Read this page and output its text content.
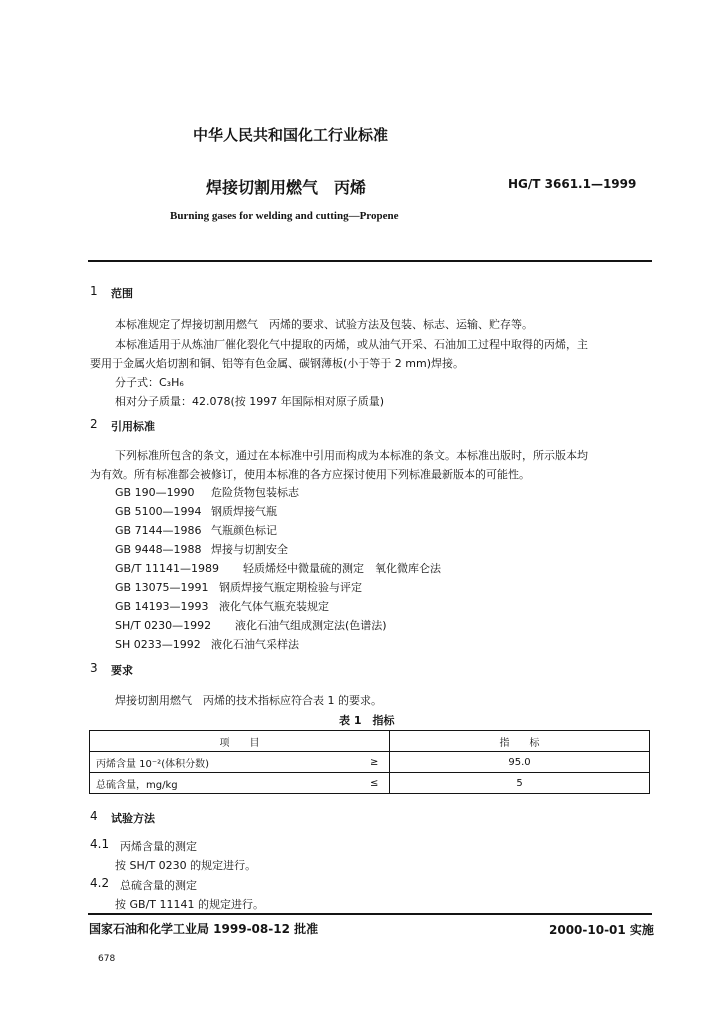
中华人民共和国化工行业标准
焊接切割用燃气　丙烯	HG/T 3661.1—1999
Burning gases for welding and cutting—Propene
1 范围
本标准规定了焊接切割用燃气　丙烯的要求、试验方法及包装、标志、运输、贮存等。
本标准适用于从炼油厂催化裂化气中提取的丙烯，或从油气开采、石油加工过程中取得的丙烯，主
要用于金属火焰切割和铜、铝等有色金属、碳钢薄板(小于等于 2 mm)焊接。
分子式：C₃H₆
相对分子质量：42.078(按 1997 年国际相对原子质量)
2 引用标准
下列标准所包含的条文，通过在本标准中引用而构成为本标准的条文。本标准出版时，所示版本均
为有效。所有标准都会被修订，使用本标准的各方应探讨使用下列标准最新版本的可能性。
GB 190—1990 危险货物包装标志
GB 5100—1994 钢质焊接气瓶
GB 7144—1986 气瓶颜色标记
GB 9448—1988 焊接与切割安全
GB/T 11141—1989 轻质烯烃中微量硫的测定　氧化微库仑法
GB 13075—1991 钢质焊接气瓶定期检验与评定
GB 14193—1993 液化气体气瓶充装规定
SH/T 0230—1992 液化石油气组成测定法(色谱法)
SH 0233—1992 液化石油气采样法
3 要求
焊接切割用燃气　丙烯的技术指标应符合表 1 的要求。
表 1　指标
项　　目		指　　标
丙烯含量 10⁻²(体积分数)	≥	95.0
总硫含量，mg/kg	≤	5
4 试验方法
4.1 丙烯含量的测定
按 SH/T 0230 的规定进行。
4.2 总硫含量的测定
按 GB/T 11141 的规定进行。
国家石油和化学工业局 1999-08-12 批准	2000-10-01 实施
678
